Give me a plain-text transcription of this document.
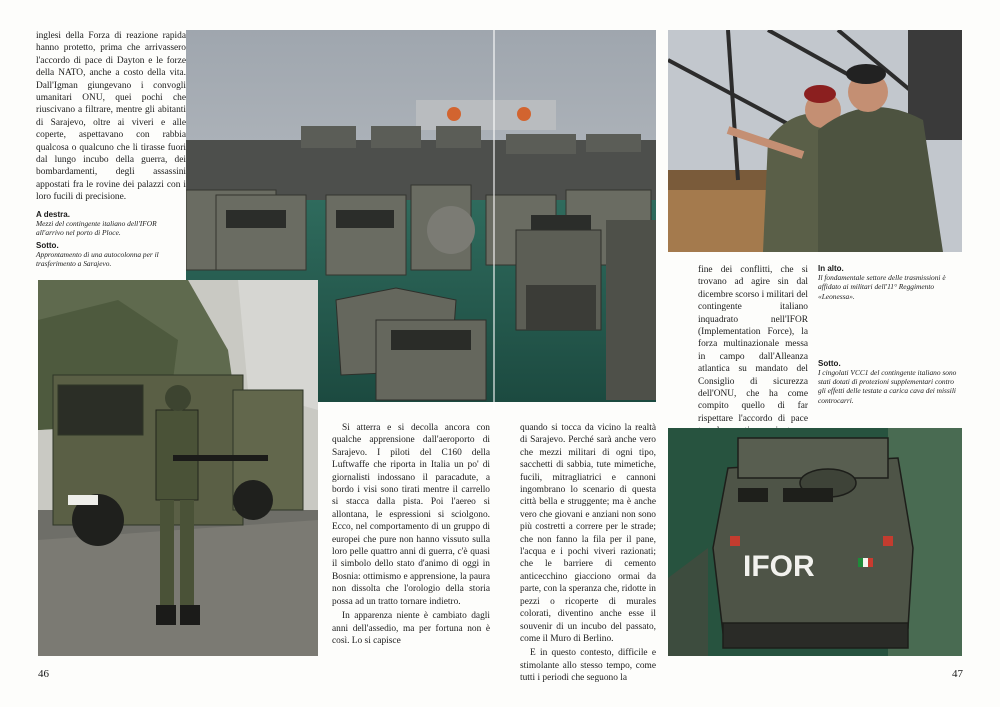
inglesi della Forza di reazione rapida hanno protetto, prima che arrivassero l'accordo di pace di Dayton e le forze della NATO, anche a costo della vita. Dall'Igman giungevano i convogli umanitari ONU, quei pochi che riuscivano a filtrare, mentre gli abitanti di Sarajevo, oltre ai viveri e alle coperte, aspettavano con rabbia qualcosa o qualcuno che li tirasse fuori dal lungo incubo della guerra, dei bombardamenti, degli assassini appostati fra le rovine dei palazzi con i loro fucili di precisione.

A destra.
Mezzi del contingente italiano dell'IFOR all'arrivo nel porto di Ploce.
Sotto.
Approntamento di una autocolonna per il trasferimento a Sarajevo.

Si atterra e si decolla ancora con qualche apprensione dall'aeroporto di Sarajevo. I piloti del C160 della Luftwaffe che riporta in Italia un po' di giornalisti indossano il paracadute, a bordo i visi sono tirati mentre il carrello si stacca dalla pista. Poi l'aereo si allontana, le espressioni si sciolgono. Ecco, nel comportamento di un gruppo di europei che pure non hanno vissuto sulla loro pelle quattro anni di guerra, c'è quasi il simbolo dello stato d'animo di oggi in Bosnia: ottimismo e apprensione, la paura non dissolta che l'orologio della storia possa ad un tratto tornare indietro.

In apparenza niente è cambiato dagli anni dell'assedio, ma per fortuna non è così. Lo si capisce

46

quando si tocca da vicino la realtà di Sarajevo. Perché sarà anche vero che mezzi militari di ogni tipo, sacchetti di sabbia, tute mimetiche, fucili, mitragliatrici e cannoni ingombrano lo scenario di questa città bella e struggente; ma è anche vero che giovani e anziani non sono più costretti a correre per le strade; che non fanno la fila per il pane, l'acqua e i pochi viveri razionati; che le barriere di cemento anticecchino giacciono ormai da parte, con la speranza che, ridotte in pezzi o ricoperte di murales colorati, diventino anche esse il souvenir di un incubo del passato, come il Muro di Berlino.

E in questo contesto, difficile e stimolante allo stesso tempo, come tutti i periodi che seguono la

fine dei conflitti, che si trovano ad agire sin dal dicembre scorso i militari del contingente italiano inquadrato nell'IFOR (Implementation Force), la forza multinazionale messa in campo dall'Alleanza atlantica su mandato del Consiglio di sicurezza dell'ONU, che ha come compito quello di far rispettare l'accordo di pace

In alto.
Il fondamentale settore delle trasmissioni è affidato ai militari dell'11° Reggimento «Leonessa».
Sotto.
I cingolati VCC1 del contingente italiano sono stati dotati di protezioni supplementari contro gli effetti delle testate a carica cava dei missili controcarri.
IFOR
47
